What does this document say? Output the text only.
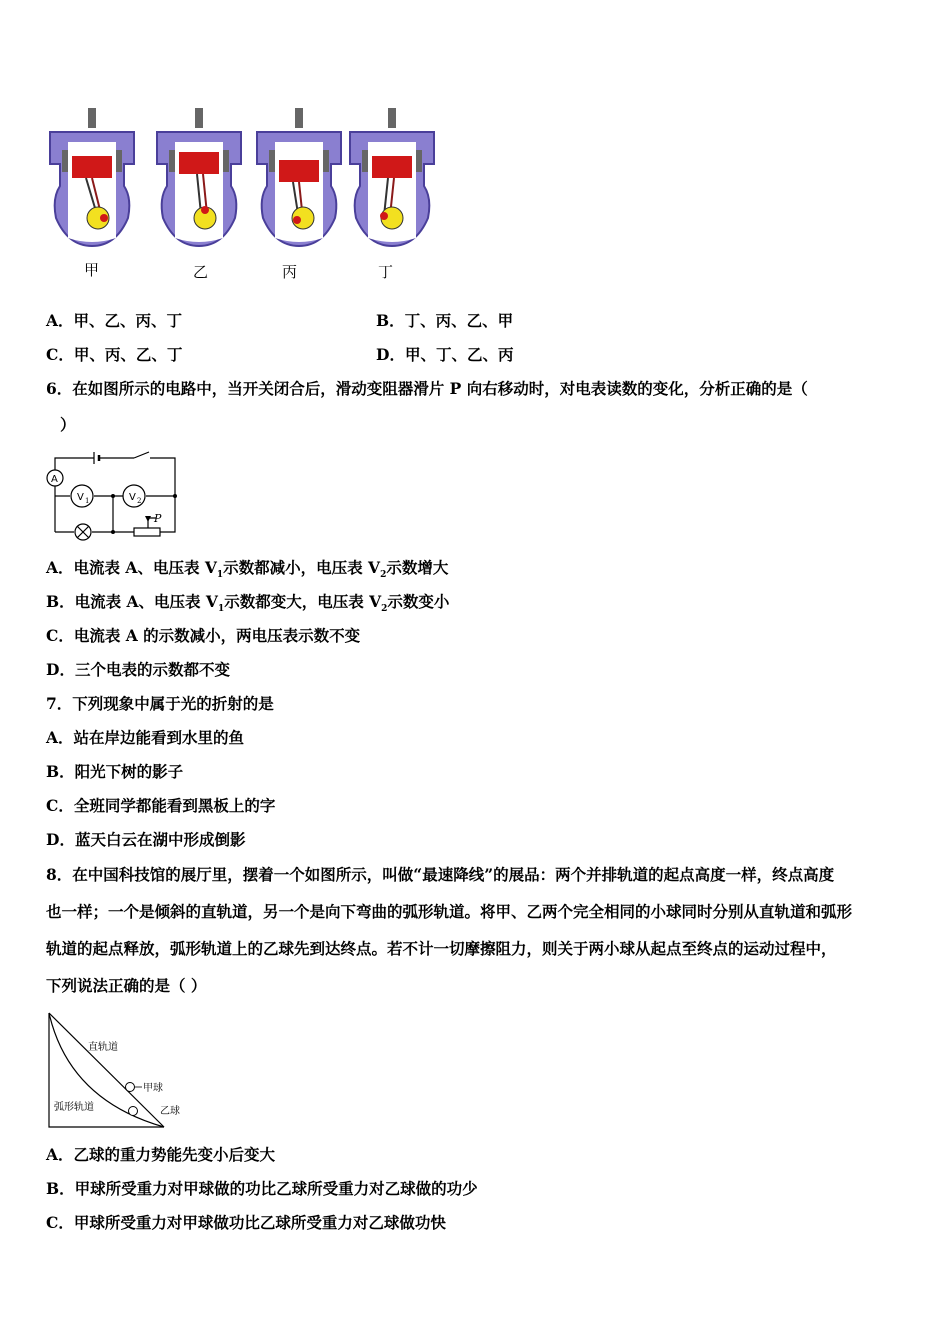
甲	乙	丙	丁
A．甲、乙、丙、丁	B．丁、丙、乙、甲
C．甲、丙、乙、丁	D．甲、丁、乙、丙
6．在如图所示的电路中，当开关闭合后，滑动变阻器滑片 P 向右移动时，对电表读数的变化，分析正确的是（
）
A
V 1	V 2
P
A．电流表 A、电压表 $V_1$示数都减小，电压表 $V_2$示数增大
B．电流表 A、电压表 $V_1$示数都变大，电压表 $V_2$示数变小
C．电流表 A 的示数减小，两电压表示数不变
D．三个电表的示数都不变
7．下列现象中属于光的折射的是
A．站在岸边能看到水里的鱼
B．阳光下树的影子
C．全班同学都能看到黑板上的字
D．蓝天白云在湖中形成倒影
8．在中国科技馆的展厅里，摆着一个如图所示，叫做“最速降线”的展品：两个并排轨道的起点高度一样，终点高度
也一样；一个是倾斜的直轨道，另一个是向下弯曲的弧形轨道。将甲、乙两个完全相同的小球同时分别从直轨道和弧形
轨道的起点释放，弧形轨道上的乙球先到达终点。若不计一切摩擦阻力，则关于两小球从起点至终点的运动过程中，
下列说法正确的是（ ）
直轨道
弧形轨道
甲球
乙球
A．乙球的重力势能先变小后变大
B．甲球所受重力对甲球做的功比乙球所受重力对乙球做的功少
C．甲球所受重力对甲球做功比乙球所受重力对乙球做功快
